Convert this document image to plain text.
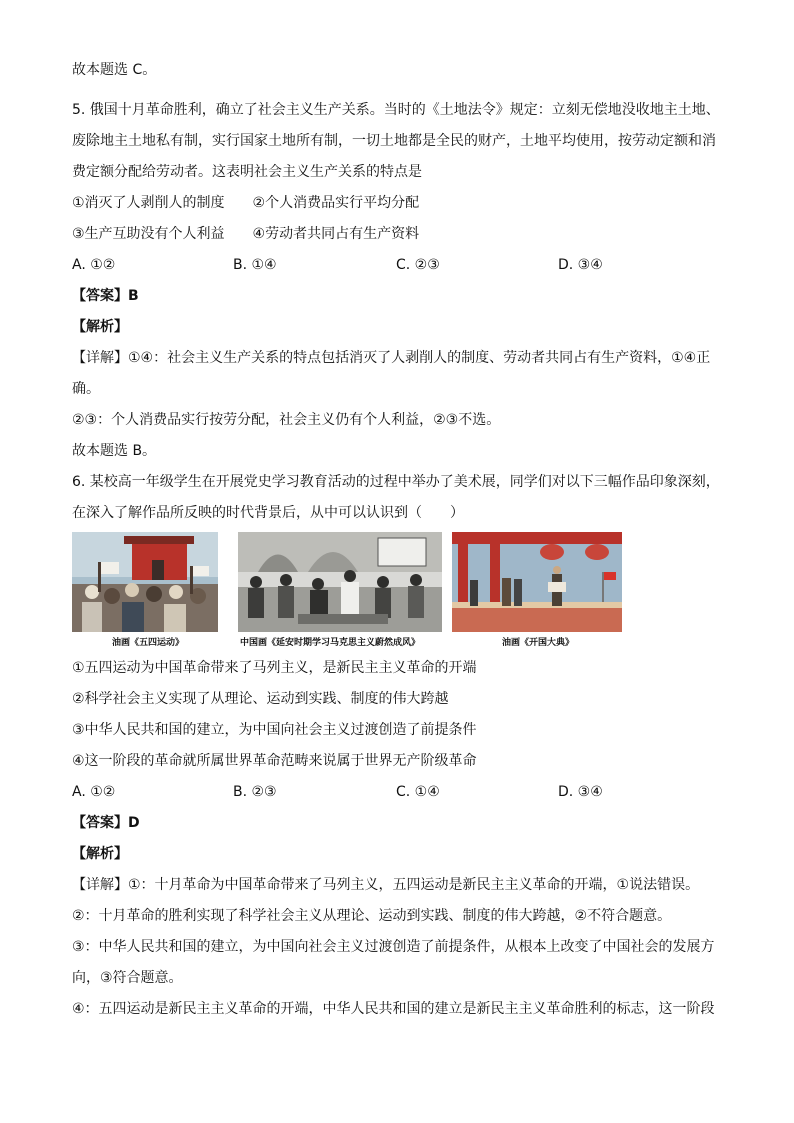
故本题选 C。
5. 俄国十月革命胜利，确立了社会主义生产关系。当时的《土地法令》规定：立刻无偿地没收地主土地、
废除地主土地私有制，实行国家土地所有制，一切土地都是全民的财产，土地平均使用，按劳动定额和消
费定额分配给劳动者。这表明社会主义生产关系的特点是
①消灭了人剥削人的制度　　②个人消费品实行平均分配
③生产互助没有个人利益　　④劳动者共同占有生产资料
A. ①②	B. ①④	C. ②③	D. ③④
【答案】B
【解析】
【详解】①④：社会主义生产关系的特点包括消灭了人剥削人的制度、劳动者共同占有生产资料，①④正
确。
②③：个人消费品实行按劳分配，社会主义仍有个人利益，②③不选。
故本题选 B。
6. 某校高一年级学生在开展党史学习教育活动的过程中举办了美术展，同学们对以下三幅作品印象深刻，
在深入了解作品所反映的时代背景后，从中可以认识到（　　）
油画《五四运动》	中国画《延安时期学习马克思主义蔚然成风》	油画《开国大典》
①五四运动为中国革命带来了马列主义，是新民主主义革命的开端
②科学社会主义实现了从理论、运动到实践、制度的伟大跨越
③中华人民共和国的建立，为中国向社会主义过渡创造了前提条件
④这一阶段的革命就所属世界革命范畴来说属于世界无产阶级革命
A. ①②	B. ②③	C. ①④	D. ③④
【答案】D
【解析】
【详解】①：十月革命为中国革命带来了马列主义，五四运动是新民主主义革命的开端，①说法错误。
②：十月革命的胜利实现了科学社会主义从理论、运动到实践、制度的伟大跨越，②不符合题意。
③：中华人民共和国的建立，为中国向社会主义过渡创造了前提条件，从根本上改变了中国社会的发展方
向，③符合题意。
④：五四运动是新民主主义革命的开端，中华人民共和国的建立是新民主主义革命胜利的标志，这一阶段
